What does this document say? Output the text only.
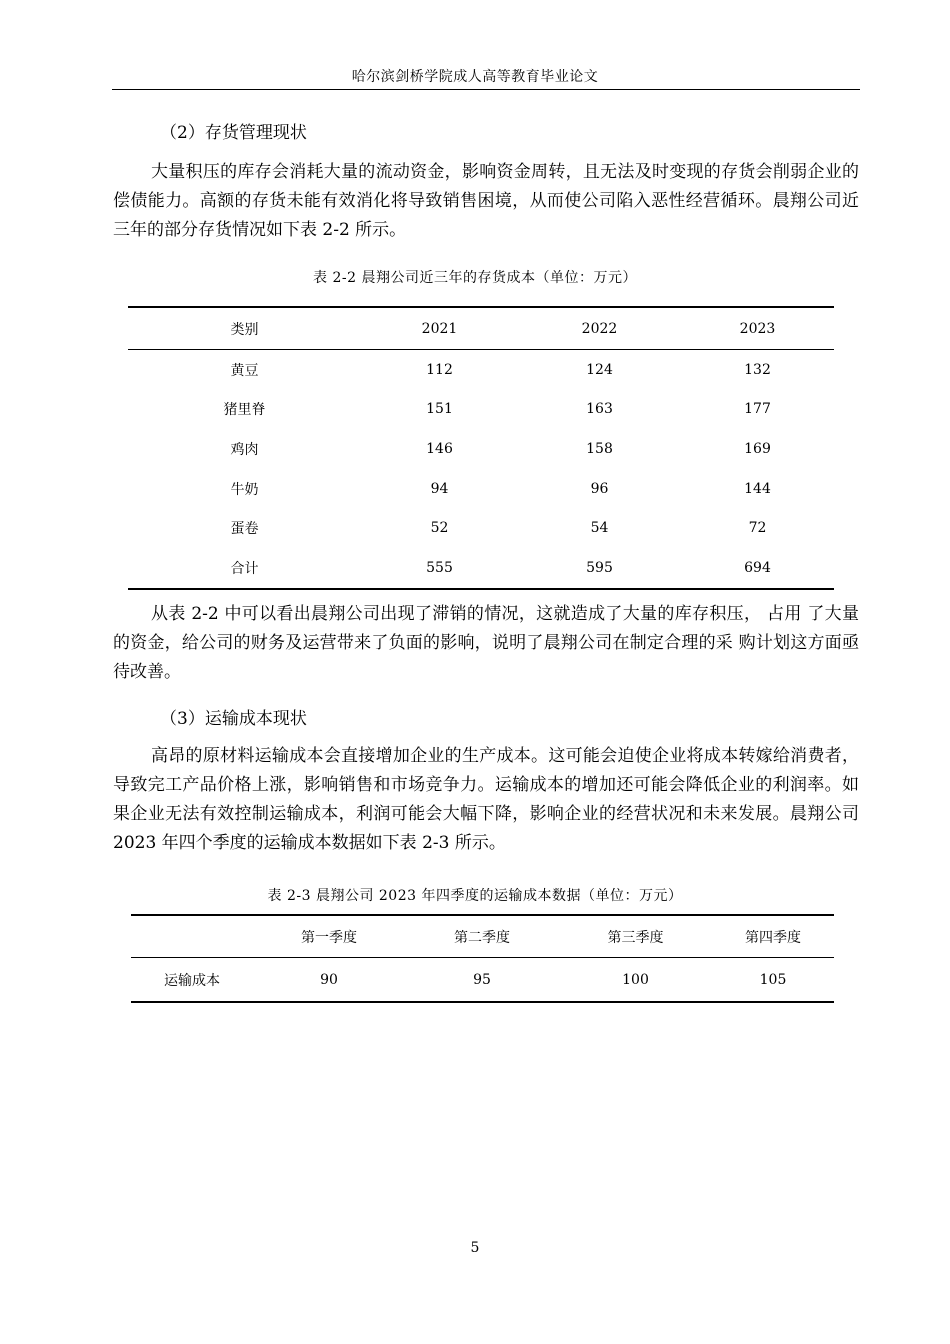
哈尔滨剑桥学院成人高等教育毕业论文
（2）存货管理现状

大量积压的库存会消耗大量的流动资金，影响资金周转，且无法及时变现的存货会削弱企业的偿债能力。高额的存货未能有效消化将导致销售困境，从而使公司陷入恶性经营循环。晨翔公司近三年的部分存货情况如下表 2-2 所示。

表 2-2 晨翔公司近三年的存货成本（单位：万元）
类别	2021	2022	2023
黄豆	112	124	132
猪里脊	151	163	177
鸡肉	146	158	169
牛奶	94	96	144
蛋卷	52	54	72
合计	555	595	694

从表 2-2 中可以看出晨翔公司出现了滞销的情况，这就造成了大量的库存积压， 占用 了大量的资金，给公司的财务及运营带来了负面的影响，说明了晨翔公司在制定合理的采 购计划这方面亟待改善。

（3）运输成本现状

高昂的原材料运输成本会直接增加企业的生产成本。这可能会迫使企业将成本转嫁给消费者，导致完工产品价格上涨，影响销售和市场竞争力。运输成本的增加还可能会降低企业的利润率。如果企业无法有效控制运输成本，利润可能会大幅下降，影响企业的经营状况和未来发展。晨翔公司 2023 年四个季度的运输成本数据如下表 2-3 所示。

表 2-3 晨翔公司 2023 年四季度的运输成本数据（单位：万元）
	第一季度	第二季度	第三季度	第四季度
运输成本	90	95	100	105
5
